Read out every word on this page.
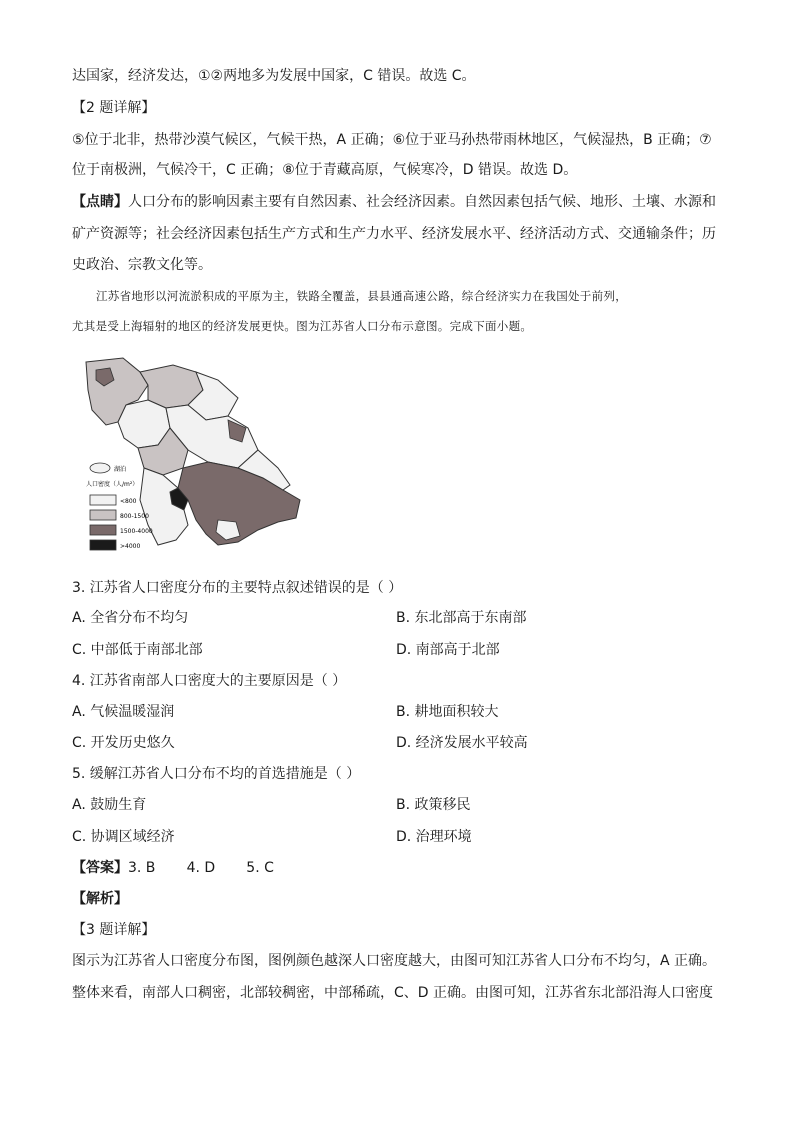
达国家，经济发达，①②两地多为发展中国家，C 错误。故选 C。
【2 题详解】
⑤位于北非，热带沙漠气候区，气候干热，A 正确；⑥位于亚马孙热带雨林地区，气候湿热，B 正确；⑦
位于南极洲，气候冷干，C 正确；⑧位于青藏高原，气候寒冷，D 错误。故选 D。
【点睛】人口分布的影响因素主要有自然因素、社会经济因素。自然因素包括气候、地形、土壤、水源和
矿产资源等；社会经济因素包括生产方式和生产力水平、经济发展水平、经济活动方式、交通输条件；历
史政治、宗教文化等。
江苏省地形以河流淤积成的平原为主，铁路全覆盖，县县通高速公路，综合经济实力在我国处于前列，
尤其是受上海辐射的地区的经济发展更快。图为江苏省人口分布示意图。完成下面小题。
湖泊
人口密度（人/m²）
<800
800-1500
1500-4000
>4000
3. 江苏省人口密度分布的主要特点叙述错误的是（ ）
A. 全省分布不均匀	B. 东北部高于东南部
C. 中部低于南部北部	D. 南部高于北部
4. 江苏省南部人口密度大的主要原因是（ ）
A. 气候温暖湿润	B. 耕地面积较大
C. 开发历史悠久	D. 经济发展水平较高
5. 缓解江苏省人口分布不均的首选措施是（ ）
A. 鼓励生育	B. 政策移民
C. 协调区域经济	D. 治理环境
【答案】3. B       4. D       5. C
【解析】
【3 题详解】
图示为江苏省人口密度分布图，图例颜色越深人口密度越大，由图可知江苏省人口分布不均匀，A 正确。
整体来看，南部人口稠密，北部较稠密，中部稀疏，C、D 正确。由图可知，江苏省东北部沿海人口密度
